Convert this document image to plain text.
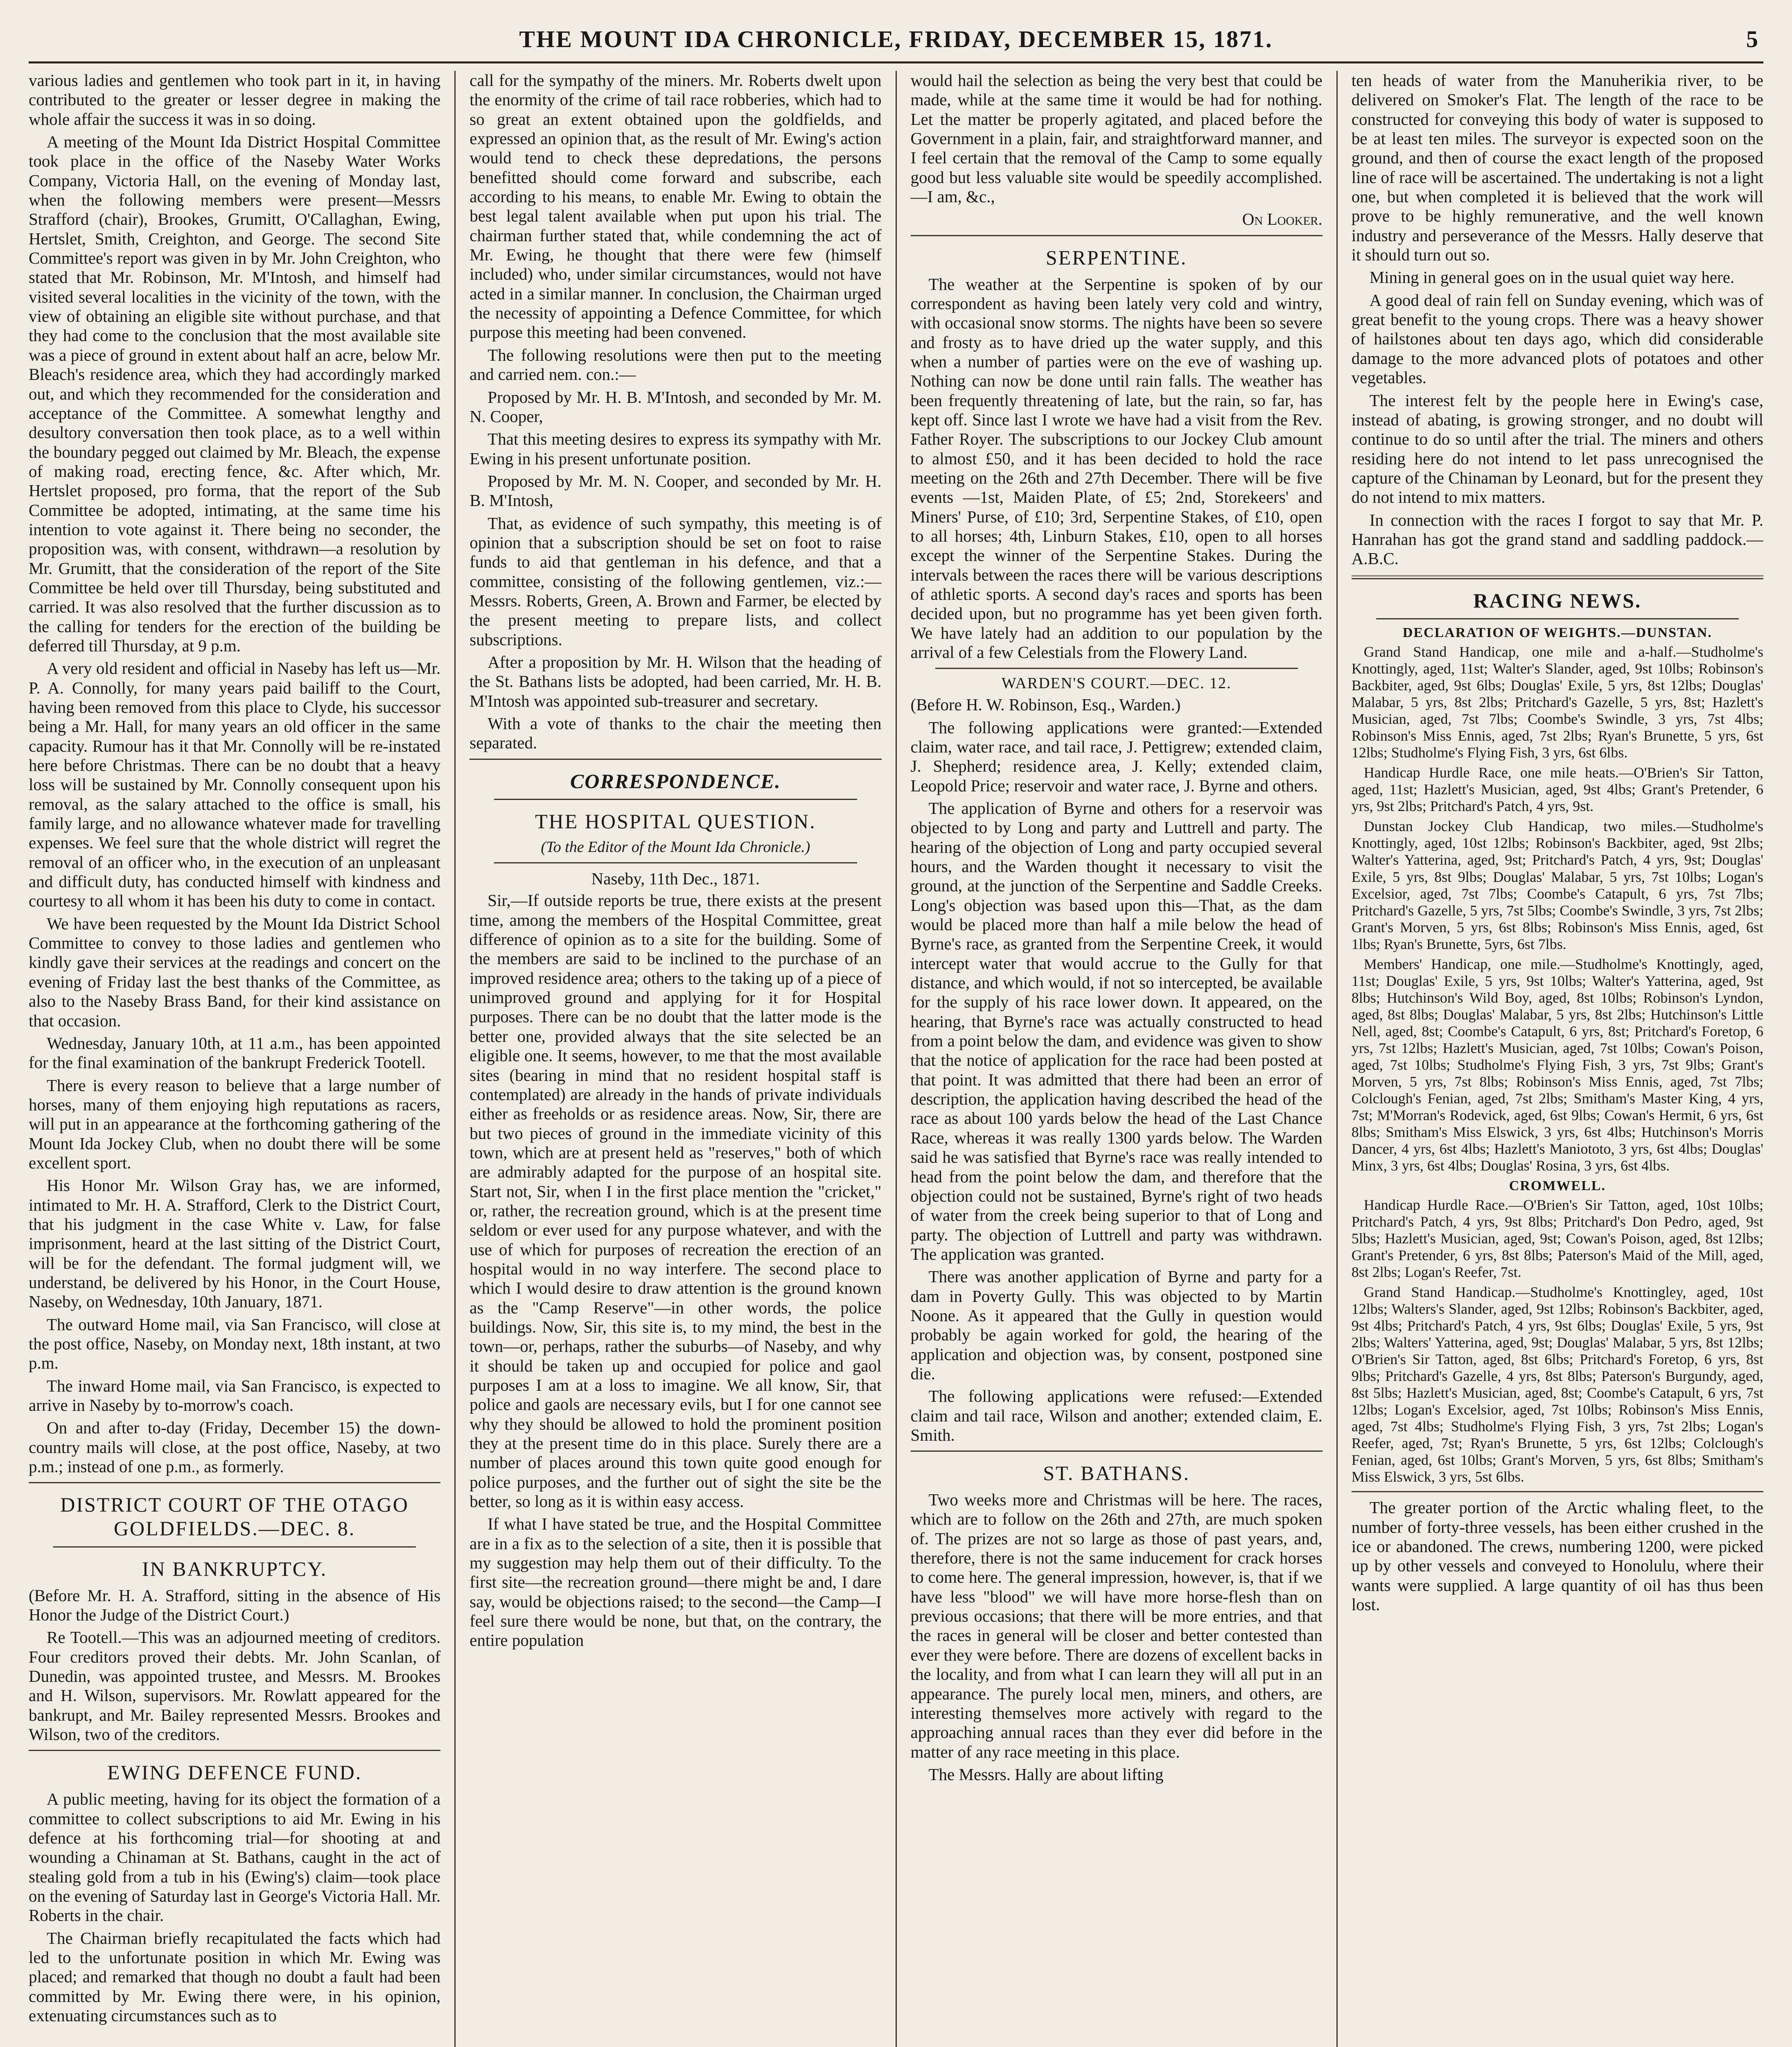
THE MOUNT IDA CHRONICLE, FRIDAY, DECEMBER 15, 1871.	5

various ladies and gentlemen who took part in it, in having contributed to the greater or lesser degree in making the whole affair the success it was in so doing.

A meeting of the Mount Ida District Hospital Committee took place in the office of the Naseby Water Works Company, Victoria Hall, on the evening of Monday last, when the following members were present—Messrs Strafford (chair), Brookes, Grumitt, O'Callaghan, Ewing, Hertslet, Smith, Creighton, and George. The second Site Committee's report was given in by Mr. John Creighton, who stated that Mr. Robinson, Mr. M'Intosh, and himself had visited several localities in the vicinity of the town, with the view of obtaining an eligible site without purchase, and that they had come to the conclusion that the most available site was a piece of ground in extent about half an acre, below Mr. Bleach's residence area, which they had accordingly marked out, and which they recommended for the consideration and acceptance of the Committee. A somewhat lengthy and desultory conversation then took place, as to a well within the boundary pegged out claimed by Mr. Bleach, the expense of making road, erecting fence, &c. After which, Mr. Hertslet proposed, pro forma, that the report of the Sub Committee be adopted, intimating, at the same time his intention to vote against it. There being no seconder, the proposition was, with consent, withdrawn—a resolution by Mr. Grumitt, that the consideration of the report of the Site Committee be held over till Thursday, being substituted and carried. It was also resolved that the further discussion as to the calling for tenders for the erection of the building be deferred till Thursday, at 9 p.m.

A very old resident and official in Naseby has left us—Mr. P. A. Connolly, for many years paid bailiff to the Court, having been removed from this place to Clyde, his successor being a Mr. Hall, for many years an old officer in the same capacity. Rumour has it that Mr. Connolly will be re-instated here before Christmas. There can be no doubt that a heavy loss will be sustained by Mr. Connolly consequent upon his removal, as the salary attached to the office is small, his family large, and no allowance whatever made for travelling expenses. We feel sure that the whole district will regret the removal of an officer who, in the execution of an unpleasant and difficult duty, has conducted himself with kindness and courtesy to all whom it has been his duty to come in contact.

We have been requested by the Mount Ida District School Committee to convey to those ladies and gentlemen who kindly gave their services at the readings and concert on the evening of Friday last the best thanks of the Committee, as also to the Naseby Brass Band, for their kind assistance on that occasion.

Wednesday, January 10th, at 11 a.m., has been appointed for the final examination of the bankrupt Frederick Tootell.

There is every reason to believe that a large number of horses, many of them enjoying high reputations as racers, will put in an appearance at the forthcoming gathering of the Mount Ida Jockey Club, when no doubt there will be some excellent sport.

His Honor Mr. Wilson Gray has, we are informed, intimated to Mr. H. A. Strafford, Clerk to the District Court, that his judgment in the case White v. Law, for false imprisonment, heard at the last sitting of the District Court, will be for the defendant. The formal judgment will, we understand, be delivered by his Honor, in the Court House, Naseby, on Wednesday, 10th January, 1871.

The outward Home mail, via San Francisco, will close at the post office, Naseby, on Monday next, 18th instant, at two p.m.

The inward Home mail, via San Francisco, is expected to arrive in Naseby by to-morrow's coach.

On and after to-day (Friday, December 15) the down-country mails will close, at the post office, Naseby, at two p.m.; instead of one p.m., as formerly.

DISTRICT COURT OF THE OTAGO GOLDFIELDS.—DEC. 8.
IN BANKRUPTCY.

(Before Mr. H. A. Strafford, sitting in the absence of His Honor the Judge of the District Court.)

Re Tootell.—This was an adjourned meeting of creditors. Four creditors proved their debts. Mr. John Scanlan, of Dunedin, was appointed trustee, and Messrs. M. Brookes and H. Wilson, supervisors. Mr. Rowlatt appeared for the bankrupt, and Mr. Bailey represented Messrs. Brookes and Wilson, two of the creditors.

EWING DEFENCE FUND.

A public meeting, having for its object the formation of a committee to collect subscriptions to aid Mr. Ewing in his defence at his forthcoming trial—for shooting at and wounding a Chinaman at St. Bathans, caught in the act of stealing gold from a tub in his (Ewing's) claim—took place on the evening of Saturday last in George's Victoria Hall. Mr. Roberts in the chair.

The Chairman briefly recapitulated the facts which had led to the unfortunate position in which Mr. Ewing was placed; and remarked that though no doubt a fault had been committed by Mr. Ewing there were, in his opinion, extenuating circumstances such as to

call for the sympathy of the miners. Mr. Roberts dwelt upon the enormity of the crime of tail race robberies, which had to so great an extent obtained upon the goldfields, and expressed an opinion that, as the result of Mr. Ewing's action would tend to check these depredations, the persons benefitted should come forward and subscribe, each according to his means, to enable Mr. Ewing to obtain the best legal talent available when put upon his trial. The chairman further stated that, while condemning the act of Mr. Ewing, he thought that there were few (himself included) who, under similar circumstances, would not have acted in a similar manner. In conclusion, the Chairman urged the necessity of appointing a Defence Committee, for which purpose this meeting had been convened.

The following resolutions were then put to the meeting and carried nem. con.:—

Proposed by Mr. H. B. M'Intosh, and seconded by Mr. M. N. Cooper,

That this meeting desires to express its sympathy with Mr. Ewing in his present unfortunate position.

Proposed by Mr. M. N. Cooper, and seconded by Mr. H. B. M'Intosh,

That, as evidence of such sympathy, this meeting is of opinion that a subscription should be set on foot to raise funds to aid that gentleman in his defence, and that a committee, consisting of the following gentlemen, viz.:—Messrs. Roberts, Green, A. Brown and Farmer, be elected by the present meeting to prepare lists, and collect subscriptions.

After a proposition by Mr. H. Wilson that the heading of the St. Bathans lists be adopted, had been carried, Mr. H. B. M'Intosh was appointed sub-treasurer and secretary.

With a vote of thanks to the chair the meeting then separated.

CORRESPONDENCE.
THE HOSPITAL QUESTION.
(To the Editor of the Mount Ida Chronicle.)
Naseby, 11th Dec., 1871.

Sir,—If outside reports be true, there exists at the present time, among the members of the Hospital Committee, great difference of opinion as to a site for the building. Some of the members are said to be inclined to the purchase of an improved residence area; others to the taking up of a piece of unimproved ground and applying for it for Hospital purposes. There can be no doubt that the latter mode is the better one, provided always that the site selected be an eligible one. It seems, however, to me that the most available sites (bearing in mind that no resident hospital staff is contemplated) are already in the hands of private individuals either as freeholds or as residence areas. Now, Sir, there are but two pieces of ground in the immediate vicinity of this town, which are at present held as "reserves," both of which are admirably adapted for the purpose of an hospital site. Start not, Sir, when I in the first place mention the "cricket," or, rather, the recreation ground, which is at the present time seldom or ever used for any purpose whatever, and with the use of which for purposes of recreation the erection of an hospital would in no way interfere. The second place to which I would desire to draw attention is the ground known as the "Camp Reserve"—in other words, the police buildings. Now, Sir, this site is, to my mind, the best in the town—or, perhaps, rather the suburbs—of Naseby, and why it should be taken up and occupied for police and gaol purposes I am at a loss to imagine. We all know, Sir, that police and gaols are necessary evils, but I for one cannot see why they should be allowed to hold the prominent position they at the present time do in this place. Surely there are a number of places around this town quite good enough for police purposes, and the further out of sight the site be the better, so long as it is within easy access.

If what I have stated be true, and the Hospital Committee are in a fix as to the selection of a site, then it is possible that my suggestion may help them out of their difficulty. To the first site—the recreation ground—there might be and, I dare say, would be objections raised; to the second—the Camp—I feel sure there would be none, but that, on the contrary, the entire population

would hail the selection as being the very best that could be made, while at the same time it would be had for nothing. Let the matter be properly agitated, and placed before the Government in a plain, fair, and straightforward manner, and I feel certain that the removal of the Camp to some equally good but less valuable site would be speedily accomplished.—I am, &c.,

On Looker.
SERPENTINE.

The weather at the Serpentine is spoken of by our correspondent as having been lately very cold and wintry, with occasional snow storms. The nights have been so severe and frosty as to have dried up the water supply, and this when a number of parties were on the eve of washing up. Nothing can now be done until rain falls. The weather has been frequently threatening of late, but the rain, so far, has kept off. Since last I wrote we have had a visit from the Rev. Father Royer. The subscriptions to our Jockey Club amount to almost £50, and it has been decided to hold the race meeting on the 26th and 27th December. There will be five events —1st, Maiden Plate, of £5; 2nd, Storekeers' and Miners' Purse, of £10; 3rd, Serpentine Stakes, of £10, open to all horses; 4th, Linburn Stakes, £10, open to all horses except the winner of the Serpentine Stakes. During the intervals between the races there will be various descriptions of athletic sports. A second day's races and sports has been decided upon, but no programme has yet been given forth. We have lately had an addition to our population by the arrival of a few Celestials from the Flowery Land.

WARDEN'S COURT.—DEC. 12.

(Before H. W. Robinson, Esq., Warden.)

The following applications were granted:—Extended claim, water race, and tail race, J. Pettigrew; extended claim, J. Shepherd; residence area, J. Kelly; extended claim, Leopold Price; reservoir and water race, J. Byrne and others.

The application of Byrne and others for a reservoir was objected to by Long and party and Luttrell and party. The hearing of the objection of Long and party occupied several hours, and the Warden thought it necessary to visit the ground, at the junction of the Serpentine and Saddle Creeks. Long's objection was based upon this—That, as the dam would be placed more than half a mile below the head of Byrne's race, as granted from the Serpentine Creek, it would intercept water that would accrue to the Gully for that distance, and which would, if not so intercepted, be available for the supply of his race lower down. It appeared, on the hearing, that Byrne's race was actually constructed to head from a point below the dam, and evidence was given to show that the notice of application for the race had been posted at that point. It was admitted that there had been an error of description, the application having described the head of the race as about 100 yards below the head of the Last Chance Race, whereas it was really 1300 yards below. The Warden said he was satisfied that Byrne's race was really intended to head from the point below the dam, and therefore that the objection could not be sustained, Byrne's right of two heads of water from the creek being superior to that of Long and party. The objection of Luttrell and party was withdrawn. The application was granted.

There was another application of Byrne and party for a dam in Poverty Gully. This was objected to by Martin Noone. As it appeared that the Gully in question would probably be again worked for gold, the hearing of the application and objection was, by consent, postponed sine die.

The following applications were refused:—Extended claim and tail race, Wilson and another; extended claim, E. Smith.

ST. BATHANS.

Two weeks more and Christmas will be here. The races, which are to follow on the 26th and 27th, are much spoken of. The prizes are not so large as those of past years, and, therefore, there is not the same inducement for crack horses to come here. The general impression, however, is, that if we have less "blood" we will have more horse-flesh than on previous occasions; that there will be more entries, and that the races in general will be closer and better contested than ever they were before. There are dozens of excellent backs in the locality, and from what I can learn they will all put in an appearance. The purely local men, miners, and others, are interesting themselves more actively with regard to the approaching annual races than they ever did before in the matter of any race meeting in this place.

The Messrs. Hally are about lifting

ten heads of water from the Manuherikia river, to be delivered on Smoker's Flat. The length of the race to be constructed for conveying this body of water is supposed to be at least ten miles. The surveyor is expected soon on the ground, and then of course the exact length of the proposed line of race will be ascertained. The undertaking is not a light one, but when completed it is believed that the work will prove to be highly remunerative, and the well known industry and perseverance of the Messrs. Hally deserve that it should turn out so.

Mining in general goes on in the usual quiet way here.

A good deal of rain fell on Sunday evening, which was of great benefit to the young crops. There was a heavy shower of hailstones about ten days ago, which did considerable damage to the more advanced plots of potatoes and other vegetables.

The interest felt by the people here in Ewing's case, instead of abating, is growing stronger, and no doubt will continue to do so until after the trial. The miners and others residing here do not intend to let pass unrecognised the capture of the Chinaman by Leonard, but for the present they do not intend to mix matters.

In connection with the races I forgot to say that Mr. P. Hanrahan has got the grand stand and saddling paddock.—A.B.C.

RACING NEWS.
DECLARATION OF WEIGHTS.—DUNSTAN.

Grand Stand Handicap, one mile and a-half.—Studholme's Knottingly, aged, 11st; Walter's Slander, aged, 9st 10lbs; Robinson's Backbiter, aged, 9st 6lbs; Douglas' Exile, 5 yrs, 8st 12lbs; Douglas' Malabar, 5 yrs, 8st 2lbs; Pritchard's Gazelle, 5 yrs, 8st; Hazlett's Musician, aged, 7st 7lbs; Coombe's Swindle, 3 yrs, 7st 4lbs; Robinson's Miss Ennis, aged, 7st 2lbs; Ryan's Brunette, 5 yrs, 6st 12lbs; Studholme's Flying Fish, 3 yrs, 6st 6lbs.

Handicap Hurdle Race, one mile heats.—O'Brien's Sir Tatton, aged, 11st; Hazlett's Musician, aged, 9st 4lbs; Grant's Pretender, 6 yrs, 9st 2lbs; Pritchard's Patch, 4 yrs, 9st.

Dunstan Jockey Club Handicap, two miles.—Studholme's Knottingly, aged, 10st 12lbs; Robinson's Backbiter, aged, 9st 2lbs; Walter's Yatterina, aged, 9st; Pritchard's Patch, 4 yrs, 9st; Douglas' Exile, 5 yrs, 8st 9lbs; Douglas' Malabar, 5 yrs, 7st 10lbs; Logan's Excelsior, aged, 7st 7lbs; Coombe's Catapult, 6 yrs, 7st 7lbs; Pritchard's Gazelle, 5 yrs, 7st 5lbs; Coombe's Swindle, 3 yrs, 7st 2lbs; Grant's Morven, 5 yrs, 6st 8lbs; Robinson's Miss Ennis, aged, 6st 1lbs; Ryan's Brunette, 5yrs, 6st 7lbs.

Members' Handicap, one mile.—Studholme's Knottingly, aged, 11st; Douglas' Exile, 5 yrs, 9st 10lbs; Walter's Yatterina, aged, 9st 8lbs; Hutchinson's Wild Boy, aged, 8st 10lbs; Robinson's Lyndon, aged, 8st 8lbs; Douglas' Malabar, 5 yrs, 8st 2lbs; Hutchinson's Little Nell, aged, 8st; Coombe's Catapult, 6 yrs, 8st; Pritchard's Foretop, 6 yrs, 7st 12lbs; Hazlett's Musician, aged, 7st 10lbs; Cowan's Poison, aged, 7st 10lbs; Studholme's Flying Fish, 3 yrs, 7st 9lbs; Grant's Morven, 5 yrs, 7st 8lbs; Robinson's Miss Ennis, aged, 7st 7lbs; Colclough's Fenian, aged, 7st 2lbs; Smitham's Master King, 4 yrs, 7st; M'Morran's Rodevick, aged, 6st 9lbs; Cowan's Hermit, 6 yrs, 6st 8lbs; Smitham's Miss Elswick, 3 yrs, 6st 4lbs; Hutchinson's Morris Dancer, 4 yrs, 6st 4lbs; Hazlett's Maniototo, 3 yrs, 6st 4lbs; Douglas' Minx, 3 yrs, 6st 4lbs; Douglas' Rosina, 3 yrs, 6st 4lbs.

CROMWELL.

Handicap Hurdle Race.—O'Brien's Sir Tatton, aged, 10st 10lbs; Pritchard's Patch, 4 yrs, 9st 8lbs; Pritchard's Don Pedro, aged, 9st 5lbs; Hazlett's Musician, aged, 9st; Cowan's Poison, aged, 8st 12lbs; Grant's Pretender, 6 yrs, 8st 8lbs; Paterson's Maid of the Mill, aged, 8st 2lbs; Logan's Reefer, 7st.

Grand Stand Handicap.—Studholme's Knottingley, aged, 10st 12lbs; Walters's Slander, aged, 9st 12lbs; Robinson's Backbiter, aged, 9st 4lbs; Pritchard's Patch, 4 yrs, 9st 6lbs; Douglas' Exile, 5 yrs, 9st 2lbs; Walters' Yatterina, aged, 9st; Douglas' Malabar, 5 yrs, 8st 12lbs; O'Brien's Sir Tatton, aged, 8st 6lbs; Pritchard's Foretop, 6 yrs, 8st 9lbs; Pritchard's Gazelle, 4 yrs, 8st 8lbs; Paterson's Burgundy, aged, 8st 5lbs; Hazlett's Musician, aged, 8st; Coombe's Catapult, 6 yrs, 7st 12lbs; Logan's Excelsior, aged, 7st 10lbs; Robinson's Miss Ennis, aged, 7st 4lbs; Studholme's Flying Fish, 3 yrs, 7st 2lbs; Logan's Reefer, aged, 7st; Ryan's Brunette, 5 yrs, 6st 12lbs; Colclough's Fenian, aged, 6st 10lbs; Grant's Morven, 5 yrs, 6st 8lbs; Smitham's Miss Elswick, 3 yrs, 5st 6lbs.

The greater portion of the Arctic whaling fleet, to the number of forty-three vessels, has been either crushed in the ice or abandoned. The crews, numbering 1200, were picked up by other vessels and conveyed to Honolulu, where their wants were supplied. A large quantity of oil has thus been lost.
